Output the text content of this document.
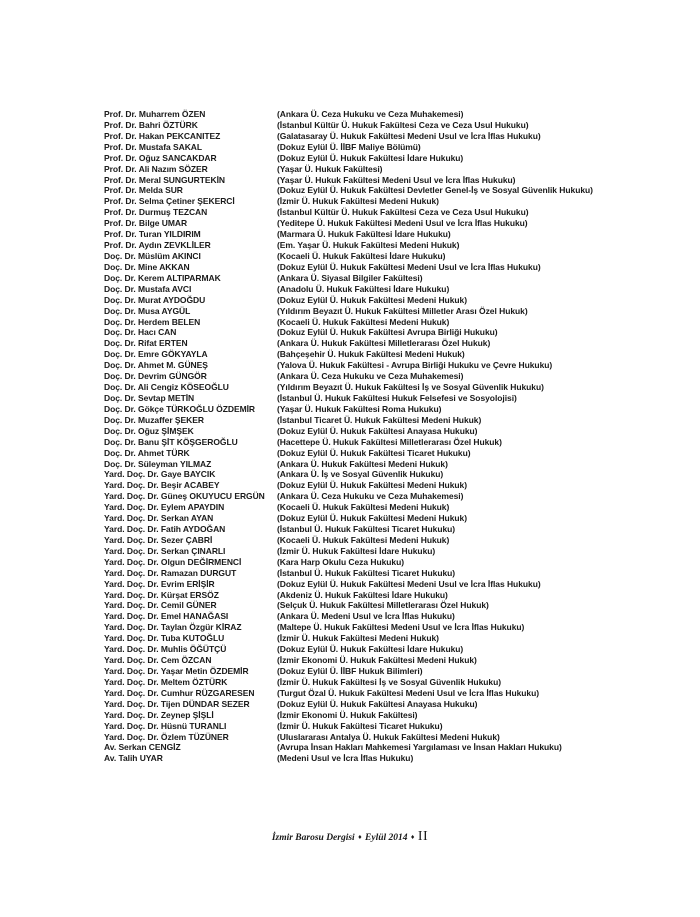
Prof. Dr. Muharrem ÖZEN	(Ankara Ü. Ceza Hukuku ve Ceza Muhakemesi)
Prof. Dr. Bahri ÖZTÜRK	(İstanbul Kültür Ü. Hukuk Fakültesi Ceza ve Ceza Usul Hukuku)
Prof. Dr. Hakan PEKCANITEZ	(Galatasaray Ü. Hukuk Fakültesi Medeni Usul ve İcra İflas Hukuku)
Prof. Dr. Mustafa SAKAL	(Dokuz Eylül Ü. İİBF Maliye Bölümü)
Prof. Dr. Oğuz SANCAKDAR	(Dokuz Eylül Ü. Hukuk Fakültesi İdare Hukuku)
Prof. Dr. Ali Nazım SÖZER	(Yaşar Ü. Hukuk Fakültesi)
Prof. Dr. Meral SUNGURTEKİN	(Yaşar Ü. Hukuk Fakültesi Medeni Usul ve İcra İflas Hukuku)
Prof. Dr. Melda SUR	(Dokuz Eylül Ü. Hukuk Fakültesi Devletler Genel-İş ve Sosyal Güvenlik Hukuku)
Prof. Dr. Selma Çetiner ŞEKERCİ	(İzmir Ü. Hukuk Fakültesi Medeni Hukuk)
Prof. Dr. Durmuş TEZCAN	(İstanbul Kültür Ü. Hukuk Fakültesi Ceza ve Ceza Usul Hukuku)
Prof. Dr. Bilge UMAR	(Yeditepe Ü. Hukuk Fakültesi Medeni Usul ve İcra İflas Hukuku)
Prof. Dr. Turan YILDIRIM	(Marmara Ü. Hukuk Fakültesi İdare Hukuku)
Prof. Dr. Aydın ZEVKLİLER	(Em. Yaşar Ü. Hukuk Fakültesi Medeni Hukuk)
Doç. Dr. Müslüm AKINCI	(Kocaeli Ü. Hukuk Fakültesi İdare Hukuku)
Doç. Dr. Mine AKKAN	(Dokuz Eylül Ü. Hukuk Fakültesi Medeni Usul ve İcra İflas Hukuku)
Doç. Dr. Kerem ALTIPARMAK	(Ankara Ü. Siyasal Bilgiler Fakültesi)
Doç. Dr. Mustafa AVCI	(Anadolu Ü. Hukuk Fakültesi İdare Hukuku)
Doç. Dr. Murat AYDOĞDU	(Dokuz Eylül Ü. Hukuk Fakültesi Medeni Hukuk)
Doç. Dr. Musa AYGÜL	(Yıldırım Beyazıt Ü. Hukuk Fakültesi Milletler Arası Özel Hukuk)
Doç. Dr. Herdem BELEN	(Kocaeli Ü. Hukuk Fakültesi Medeni Hukuk)
Doç. Dr. Hacı CAN	(Dokuz Eylül Ü. Hukuk Fakültesi Avrupa Birliği Hukuku)
Doç. Dr. Rifat ERTEN	(Ankara Ü. Hukuk Fakültesi Milletlerarası Özel Hukuk)
Doç. Dr. Emre GÖKYAYLA	(Bahçeşehir Ü. Hukuk Fakültesi Medeni Hukuk)
Doç. Dr. Ahmet M. GÜNEŞ	(Yalova Ü. Hukuk Fakültesi - Avrupa Birliği Hukuku ve Çevre Hukuku)
Doç. Dr. Devrim GÜNGÖR	(Ankara Ü. Ceza Hukuku ve Ceza Muhakemesi)
Doç. Dr. Ali Cengiz KÖSEOĞLU	(Yıldırım Beyazıt Ü. Hukuk Fakültesi İş ve Sosyal Güvenlik Hukuku)
Doç. Dr. Sevtap METİN	(İstanbul Ü. Hukuk Fakültesi Hukuk Felsefesi ve Sosyolojisi)
Doç. Dr. Gökçe TÜRKOĞLU ÖZDEMİR	(Yaşar Ü. Hukuk Fakültesi Roma Hukuku)
Doç. Dr. Muzaffer ŞEKER	(İstanbul Ticaret Ü. Hukuk Fakültesi Medeni Hukuk)
Doç. Dr. Oğuz ŞİMŞEK	(Dokuz Eylül Ü. Hukuk Fakültesi Anayasa Hukuku)
Doç. Dr. Banu ŞİT KÖŞGEROĞLU	(Hacettepe Ü. Hukuk Fakültesi Milletlerarası Özel Hukuk)
Doç. Dr. Ahmet TÜRK	(Dokuz Eylül Ü. Hukuk Fakültesi Ticaret Hukuku)
Doç. Dr. Süleyman YILMAZ	(Ankara Ü. Hukuk Fakültesi Medeni Hukuk)
Yard. Doç. Dr. Gaye BAYCIK	(Ankara Ü. İş ve Sosyal Güvenlik Hukuku)
Yard. Doç. Dr. Beşir ACABEY	(Dokuz Eylül Ü. Hukuk Fakültesi Medeni Hukuk)
Yard. Doç. Dr. Güneş OKUYUCU ERGÜN	(Ankara Ü. Ceza Hukuku ve Ceza Muhakemesi)
Yard. Doç. Dr. Eylem APAYDIN	(Kocaeli Ü. Hukuk Fakültesi Medeni Hukuk)
Yard. Doç. Dr. Serkan AYAN	(Dokuz Eylül Ü. Hukuk Fakültesi Medeni Hukuk)
Yard. Doç. Dr. Fatih AYDOĞAN	(İstanbul Ü. Hukuk Fakültesi Ticaret Hukuku)
Yard. Doç. Dr. Sezer ÇABRİ	(Kocaeli Ü. Hukuk Fakültesi Medeni Hukuk)
Yard. Doç. Dr. Serkan ÇINARLI	(İzmir Ü. Hukuk Fakültesi İdare Hukuku)
Yard. Doç. Dr. Olgun DEĞİRMENCİ	(Kara Harp Okulu Ceza Hukuku)
Yard. Doç. Dr. Ramazan DURGUT	(İstanbul Ü. Hukuk Fakültesi Ticaret Hukuku)
Yard. Doç. Dr. Evrim ERİŞİR	(Dokuz Eylül Ü. Hukuk Fakültesi Medeni Usul ve İcra İflas Hukuku)
Yard. Doç. Dr. Kürşat ERSÖZ	(Akdeniz Ü. Hukuk Fakültesi İdare Hukuku)
Yard. Doç. Dr. Cemil GÜNER	(Selçuk Ü. Hukuk Fakültesi Milletlerarası Özel Hukuk)
Yard. Doç. Dr. Emel HANAĞASI	(Ankara Ü. Medeni Usul ve İcra İflas Hukuku)
Yard. Doç. Dr. Taylan Özgür KİRAZ	(Maltepe Ü. Hukuk Fakültesi Medeni Usul ve İcra İflas Hukuku)
Yard. Doç. Dr. Tuba KUTOĞLU	(İzmir Ü. Hukuk Fakültesi Medeni Hukuk)
Yard. Doç. Dr. Muhlis ÖĞÜTÇÜ	(Dokuz Eylül Ü. Hukuk Fakültesi İdare Hukuku)
Yard. Doç. Dr. Cem ÖZCAN	(İzmir Ekonomi Ü. Hukuk Fakültesi Medeni Hukuk)
Yard. Doç. Dr. Yaşar Metin ÖZDEMİR	(Dokuz Eylül Ü. İİBF Hukuk Bilimleri)
Yard. Doç. Dr. Meltem ÖZTÜRK	(İzmir Ü. Hukuk Fakültesi İş ve Sosyal Güvenlik Hukuku)
Yard. Doç. Dr. Cumhur RÜZGARESEN	(Turgut Özal Ü. Hukuk Fakültesi Medeni Usul ve İcra İflas Hukuku)
Yard. Doç. Dr. Tijen DÜNDAR SEZER	(Dokuz Eylül Ü. Hukuk Fakültesi Anayasa Hukuku)
Yard. Doç. Dr. Zeynep ŞİŞLİ	(İzmir Ekonomi Ü. Hukuk Fakültesi)
Yard. Doç. Dr. Hüsnü TURANLI	(İzmir Ü. Hukuk Fakültesi Ticaret Hukuku)
Yard. Doç. Dr. Özlem TÜZÜNER	(Uluslararası Antalya Ü. Hukuk Fakültesi Medeni Hukuk)
Av. Serkan CENGİZ	(Avrupa İnsan Hakları Mahkemesi Yargılaması ve İnsan Hakları Hukuku)
Av. Talih UYAR	(Medeni Usul ve İcra İflas Hukuku)
İzmir Barosu Dergisi ♦ Eylül 2014 ♦ II
